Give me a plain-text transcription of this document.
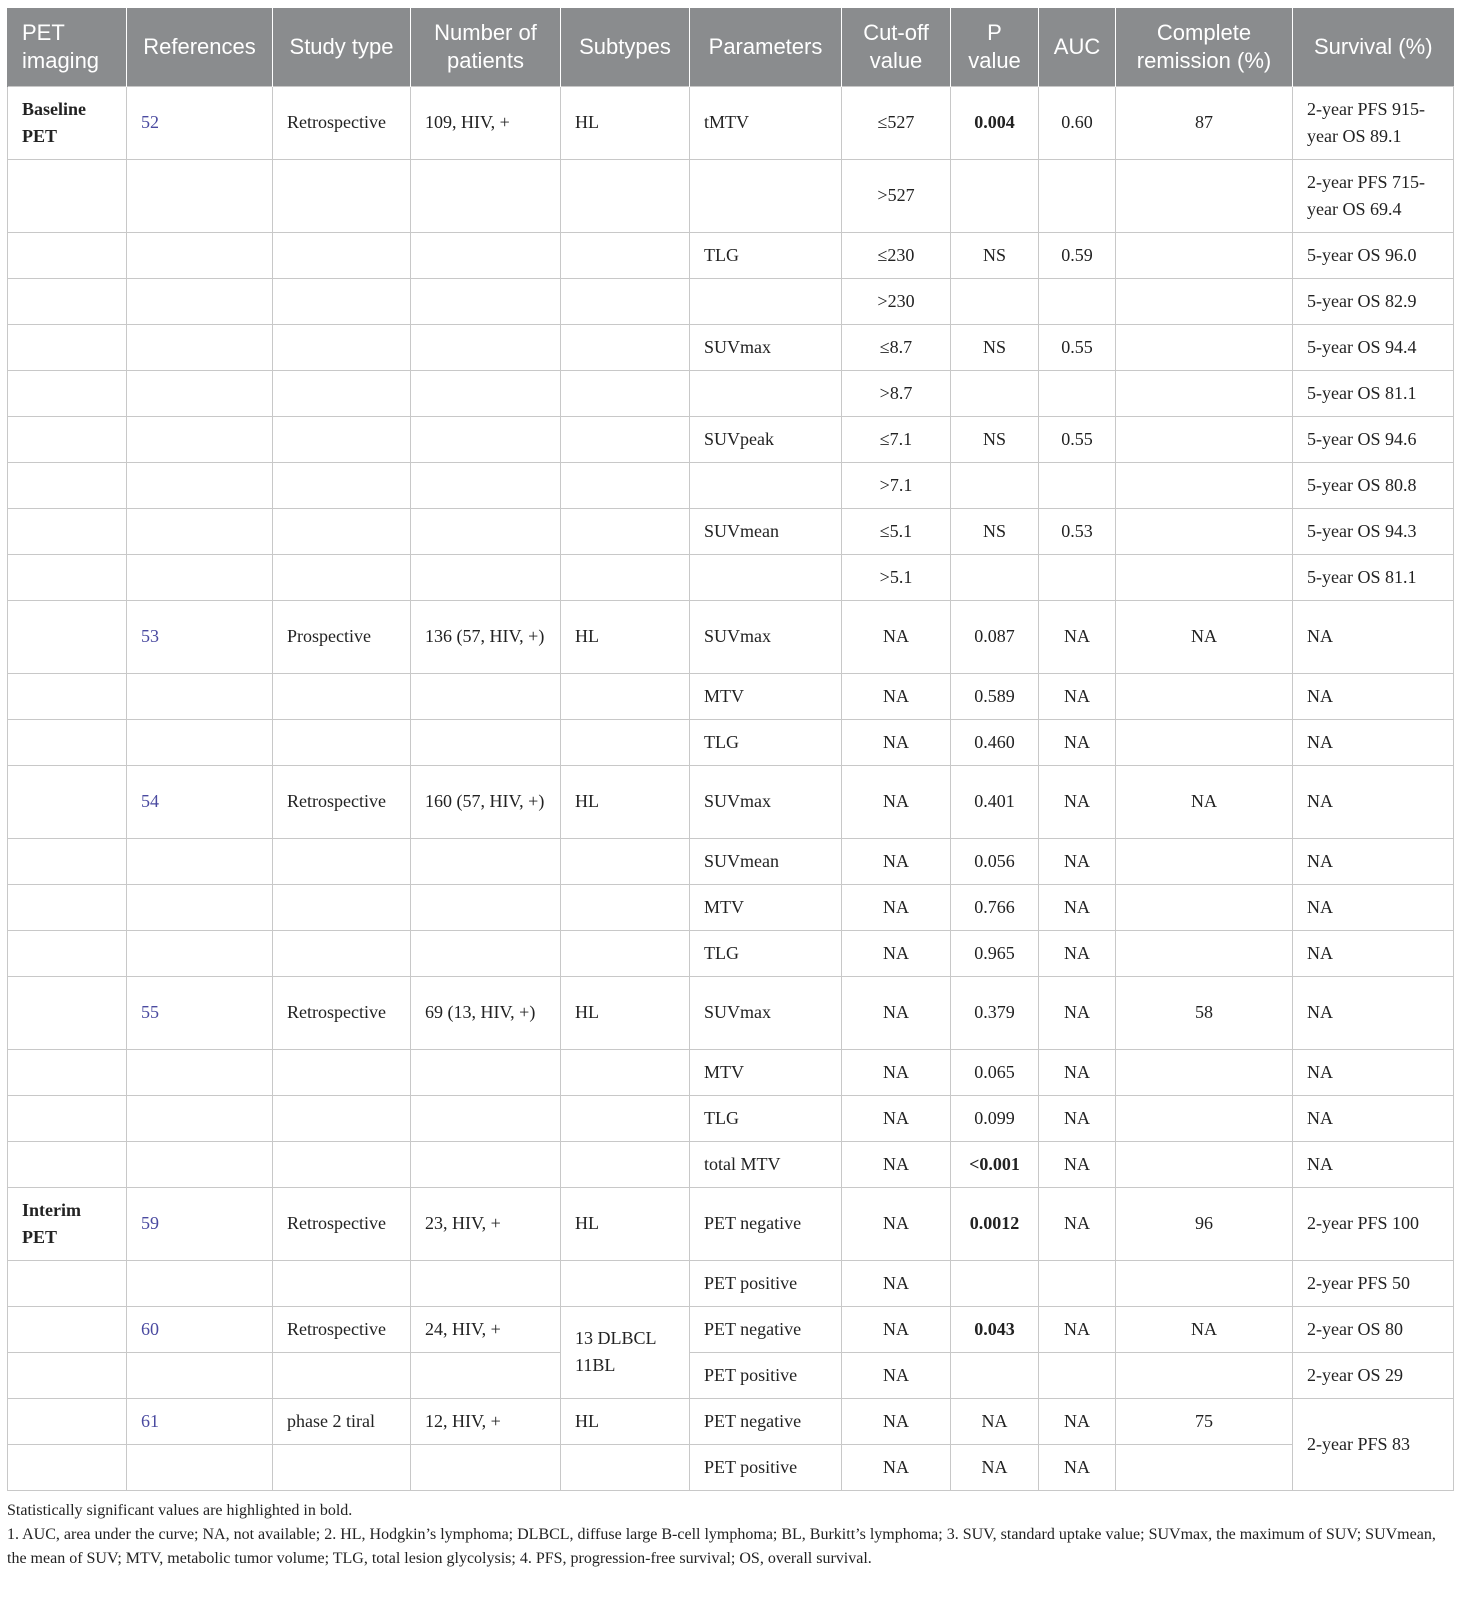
PET imaging	References	Study type	Number of patients	Subtypes	Parameters	Cut-off value	P value	AUC	Complete remission (%)	Survival (%)
Baseline PET	52	Retrospective	109, HIV, +	HL	tMTV	≤527	0.004	0.60	87	2-year PFS 915-year OS 89.1
						>527				2-year PFS 715-year OS 69.4
					TLG	≤230	NS	0.59		5-year OS 96.0
						>230				5-year OS 82.9
					SUVmax	≤8.7	NS	0.55		5-year OS 94.4
						>8.7				5-year OS 81.1
					SUVpeak	≤7.1	NS	0.55		5-year OS 94.6
						>7.1				5-year OS 80.8
					SUVmean	≤5.1	NS	0.53		5-year OS 94.3
						>5.1				5-year OS 81.1
	53	Prospective	136 (57, HIV, +)	HL	SUVmax	NA	0.087	NA	NA	NA
					MTV	NA	0.589	NA		NA
					TLG	NA	0.460	NA		NA
	54	Retrospective	160 (57, HIV, +)	HL	SUVmax	NA	0.401	NA	NA	NA
					SUVmean	NA	0.056	NA		NA
					MTV	NA	0.766	NA		NA
					TLG	NA	0.965	NA		NA
	55	Retrospective	69 (13, HIV, +)	HL	SUVmax	NA	0.379	NA	58	NA
					MTV	NA	0.065	NA		NA
					TLG	NA	0.099	NA		NA
					total MTV	NA	<0.001	NA		NA
Interim PET	59	Retrospective	23, HIV, +	HL	PET negative	NA	0.0012	NA	96	2-year PFS 100
					PET positive	NA				2-year PFS 50
	60	Retrospective	24, HIV, +	13 DLBCL 11BL	PET negative	NA	0.043	NA	NA	2-year OS 80
					PET positive	NA				2-year OS 29
	61	phase 2 tiral	12, HIV, +	HL	PET negative	NA	NA	NA	75	2-year PFS 83
					PET positive	NA	NA	NA		
Statistically significant values are highlighted in bold.
1. AUC, area under the curve; NA, not available; 2. HL, Hodgkin’s lymphoma; DLBCL, diffuse large B-cell lymphoma; BL, Burkitt’s lymphoma; 3. SUV, standard uptake value; SUVmax, the maximum of SUV; SUVmean, the mean of SUV; MTV, metabolic tumor volume; TLG, total lesion glycolysis; 4. PFS, progression-free survival; OS, overall survival.
